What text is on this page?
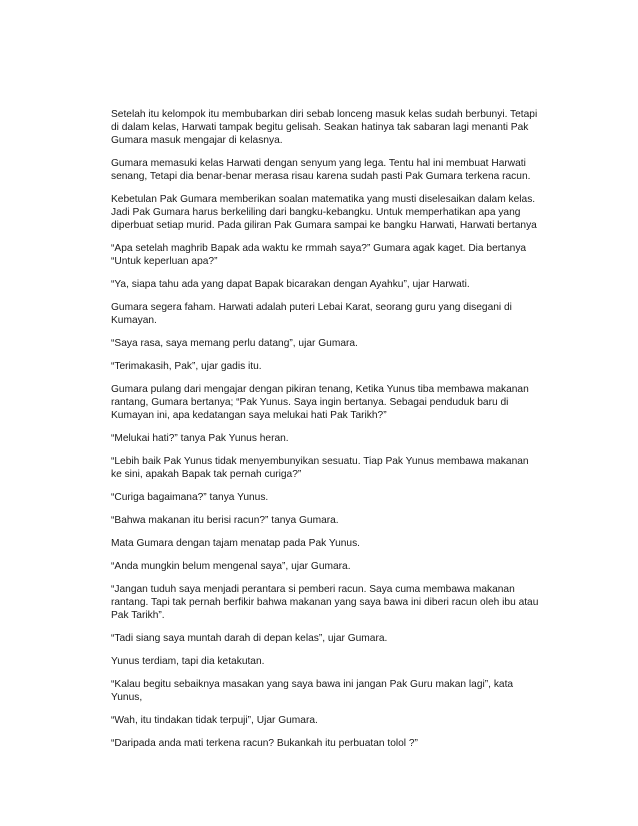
Setelah itu kelompok itu membubarkan diri sebab lonceng masuk kelas sudah berbunyi. Tetapi
di dalam kelas, Harwati tampak begitu gelisah. Seakan hatinya tak sabaran lagi menanti Pak
Gumara masuk mengajar di kelasnya.

Gumara memasuki kelas Harwati dengan senyum yang lega. Tentu hal ini membuat Harwati
senang, Tetapi dia benar-benar merasa risau karena sudah pasti Pak Gumara terkena racun.

Kebetulan Pak Gumara memberikan soalan matematika yang musti diselesaikan dalam kelas.
Jadi Pak Gumara harus berkeliling dari bangku-kebangku. Untuk memperhatikan apa yang
diperbuat setiap murid. Pada giliran Pak Gumara sampai ke bangku Harwati, Harwati bertanya

“Apa setelah maghrib Bapak ada waktu ke rmmah saya?” Gumara agak kaget. Dia bertanya
“Untuk keperluan apa?”

“Ya, siapa tahu ada yang dapat Bapak bicarakan dengan Ayahku”, ujar Harwati.

Gumara segera faham. Harwati adalah puteri Lebai Karat, seorang guru yang disegani di
Kumayan.

“Saya rasa, saya memang perlu datang”, ujar Gumara.

“Terimakasih, Pak”, ujar gadis itu.

Gumara pulang dari mengajar dengan pikiran tenang, Ketika Yunus tiba membawa makanan
rantang, Gumara bertanya; “Pak Yunus. Saya ingin bertanya. Sebagai penduduk baru di
Kumayan ini, apa kedatangan saya melukai hati Pak Tarikh?”

“Melukai hati?” tanya Pak Yunus heran.

“Lebih baik Pak Yunus tidak menyembunyikan sesuatu. Tiap Pak Yunus membawa makanan
ke sini, apakah Bapak tak pernah curiga?”

“Curiga bagaimana?” tanya Yunus.

“Bahwa makanan itu berisi racun?” tanya Gumara.

Mata Gumara dengan tajam menatap pada Pak Yunus.

“Anda mungkin belum mengenal saya”, ujar Gumara.

“Jangan tuduh saya menjadi perantara si pemberi racun. Saya cuma membawa makanan
rantang. Tapi tak pernah berfikir bahwa makanan yang saya bawa ini diberi racun oleh ibu atau
Pak Tarikh”.

“Tadi siang saya muntah darah di depan kelas”, ujar Gumara.

Yunus terdiam, tapi dia ketakutan.

“Kalau begitu sebaiknya masakan yang saya bawa ini jangan Pak Guru makan lagi”, kata
Yunus,

“Wah, itu tindakan tidak terpuji”, Ujar Gumara.

“Daripada anda mati terkena racun? Bukankah itu perbuatan tolol ?”
